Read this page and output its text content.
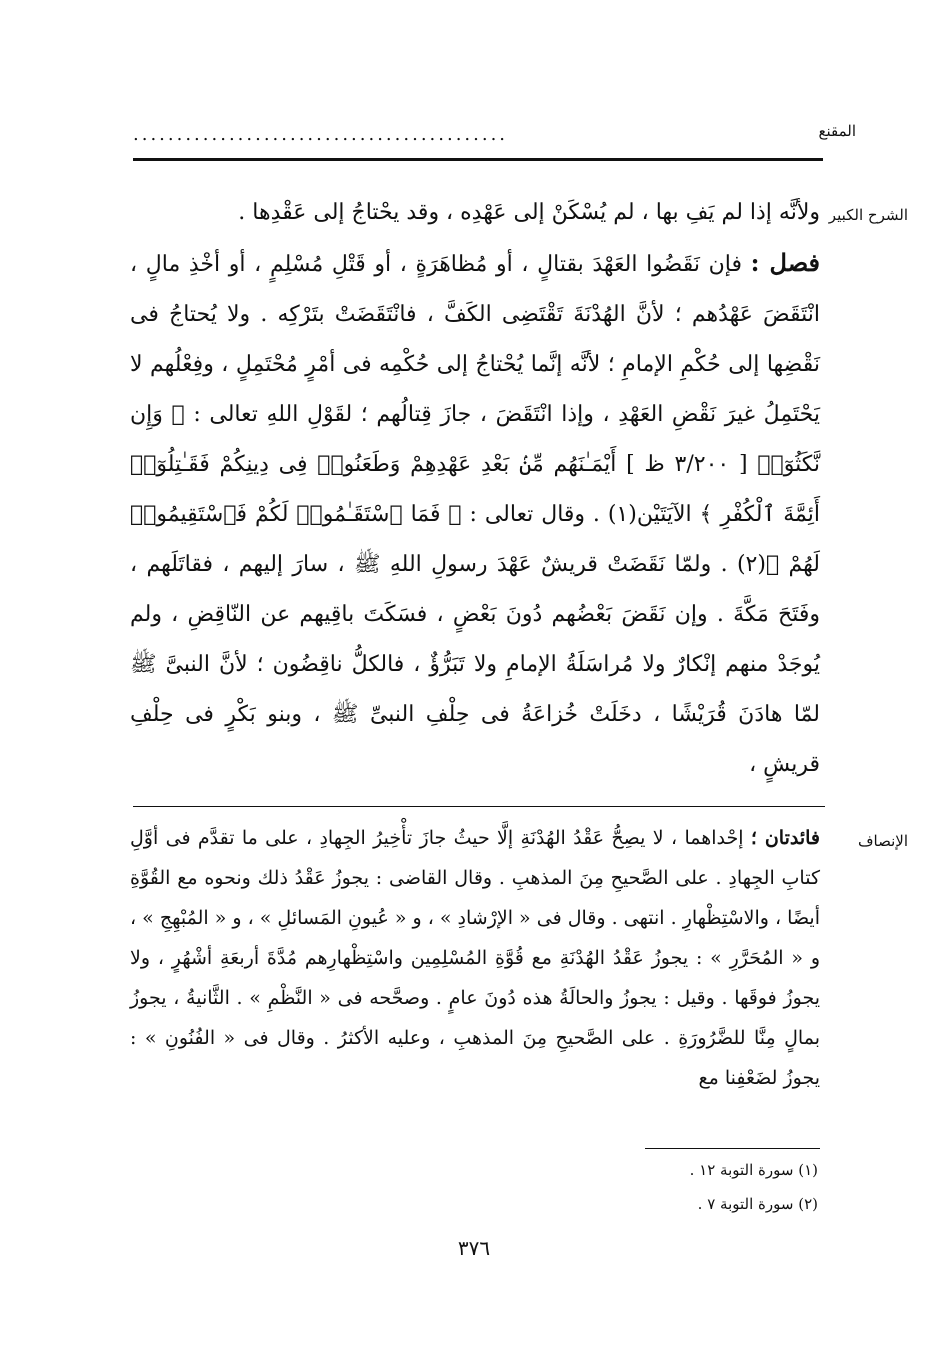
المقنع
...........................................
الشرح الكبير

ولأنَّه إذا لم يَفِ بها ، لم يُسْكَنْ إلى عَهْدِه ، وقد يحْتاجُ إلى عَقْدِها .

فصل : فإن نَقَضُوا العَهْدَ بقتالٍ ، أو مُظاهَرَةٍ ، أو قَتْلِ مُسْلِمٍ ، أو أخْذِ مالٍ ، انْتَقَضَ عَهْدُهم ؛ لأنَّ الهُدْنَةَ تَقْتَضِى الكَفَّ ، فانْتَقَضَتْ بتَرْكِه . ولا يُحتاجُ فى نَقْضِها إلى حُكْمِ الإمامِ ؛ لأنَّه إنَّما يُحْتاجُ إلى حُكْمِه فى أمْرٍ مُحْتَمِلٍ ، وفِعْلُهم لا يَحْتَمِلُ غيرَ نَقْضِ العَهْدِ ، وإذا انْتَقَضَ ، جازَ قِتالُهم ؛ لقَوْلِ اللهِ تعالى : ﴿ وَإِن نَّكَثُوٓا۟ [ ٣/٢٠٠ ظ ] أَيْمَـٰنَهُم مِّنۢ بَعْدِ عَهْدِهِمْ وَطَعَنُوا۟ فِى دِينِكُمْ فَقَـٰتِلُوٓا۟ أَئِمَّةَ ٱلْكُفْرِ ﴾ الآيَتَيْن(١) . وقال تعالى : ﴿ فَمَا ٱسْتَقَـٰمُوا۟ لَكُمْ فَٱسْتَقِيمُوا۟ لَهُمْ ﴾(٢) . ولمّا نَقَضَتْ قريشٌ عَهْدَ رسولِ اللهِ ﷺ ، سارَ إليهم ، فقاتَلَهم ، وفَتَحَ مَكَّةَ . وإن نَقَضَ بَعْضُهم دُونَ بَعْضٍ ، فسَكَتَ باقِيهم عن النّاقِضِ ، ولم يُوجَدْ منهم إنْكارٌ ولا مُراسَلَةُ الإمامِ ولا تَبَرُّؤٌ ، فالكلُّ ناقِضُون ؛ لأنَّ النبىَّ ﷺ لمّا هادَنَ قُرَيْشًا ، دخَلَتْ خُزاعَةُ فى حِلْفِ النبىِّ ﷺ ، وبنو بَكْرٍ فى حِلْفِ قريشٍ ،

الإنصاف

فائدتان ؛ إحْداهما ، لا يصِحُّ عَقْدُ الهُدْنَةِ إلَّا حيثُ جازَ تأْخِيرُ الجِهادِ ، على ما تقدَّم فى أوَّلِ كتابِ الجِهادِ . على الصَّحيحِ مِنَ المذهبِ . وقال القاضى : يجوزُ عَقْدُ ذلك ونحوه مع القُوَّةِ أيضًا ، والاسْتِظْهارِ . انتهى . وقال فى « الإرْشادِ » ، و « عُيونِ المَسائلِ » ، و « المُبْهِجِ » ، و « المُحَرَّرِ » : يجوزُ عَقْدُ الهُدْنَةِ مع قُوَّةِ المُسْلِمِين واسْتِظْهارِهم مُدَّةَ أربعَةِ أشْهُرٍ ، ولا يجوزُ فوقَها . وقيل : يجوزُ والحالَةُ هذه دُونَ عامٍ . وصحَّحه فى « النَّظْمِ » . الثَّانيةُ ، يجوزُ بمالٍ مِنَّا للضَّرُورَةِ . على الصَّحيحِ مِنَ المذهبِ ، وعليه الأكثرُ . وقال فى « الفُنُونِ » : يجوزُ لضَعْفِنا مع

(١) سورة التوبة ١٢ .
(٢) سورة التوبة ٧ .
٣٧٦
